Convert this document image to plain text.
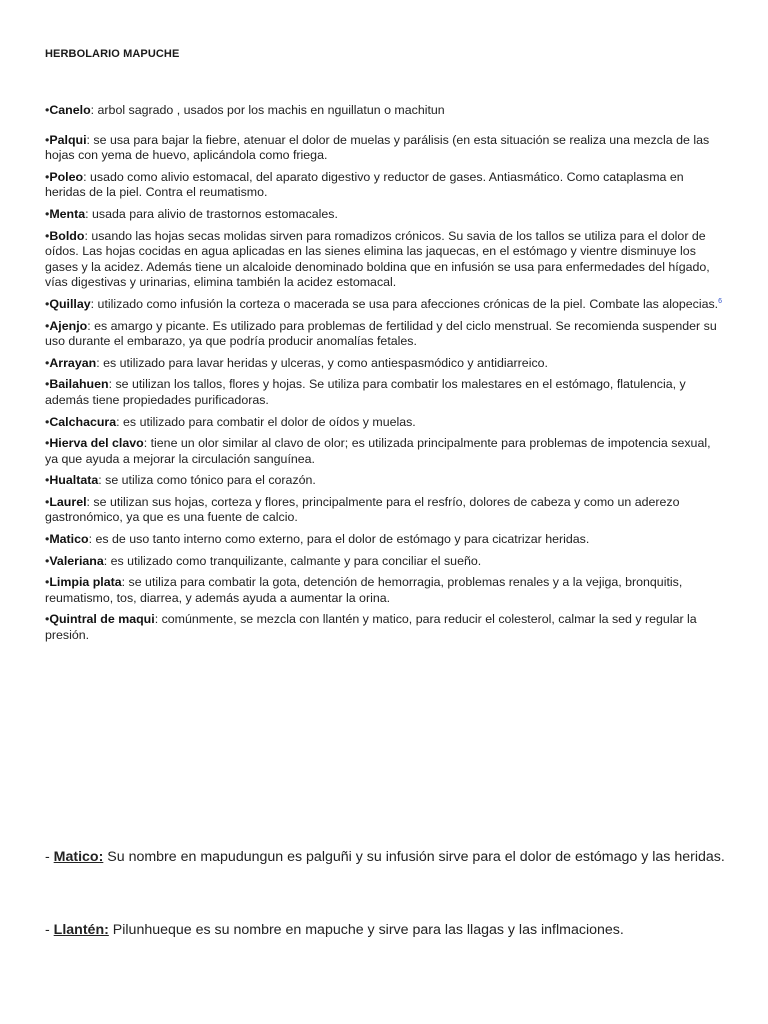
HERBOLARIO MAPUCHE

•Canelo: arbol sagrado , usados por los machis en nguillatun o machitun

•Palqui: se usa para bajar la fiebre, atenuar el dolor de muelas y parálisis (en esta situación se realiza una mezcla de las hojas con yema de huevo, aplicándola como friega.

•Poleo: usado como alivio estomacal, del aparato digestivo y reductor de gases. Antiasmático. Como cataplasma en heridas de la piel. Contra el reumatismo.

•Menta: usada para alivio de trastornos estomacales.

•Boldo: usando las hojas secas molidas sirven para romadizos crónicos. Su savia de los tallos se utiliza para el dolor de oídos. Las hojas cocidas en agua aplicadas en las sienes elimina las jaquecas, en el estómago y vientre disminuye los gases y la acidez. Además tiene un alcaloide denominado boldina que en infusión se usa para enfermedades del hígado, vías digestivas y urinarias, elimina también la acidez estomacal.

•Quillay: utilizado como infusión la corteza o macerada se usa para afecciones crónicas de la piel. Combate las alopecias.$^6$

•Ajenjo: es amargo y picante. Es utilizado para problemas de fertilidad y del ciclo menstrual. Se recomienda suspender su uso durante el embarazo, ya que podría producir anomalías fetales.

•Arrayan: es utilizado para lavar heridas y ulceras, y como antiespasmódico y antidiarreico.

•Bailahuen: se utilizan los tallos, flores y hojas. Se utiliza para combatir los malestares en el estómago, flatulencia, y además tiene propiedades purificadoras.

•Calchacura: es utilizado para combatir el dolor de oídos y muelas.

•Hierva del clavo: tiene un olor similar al clavo de olor; es utilizada principalmente para problemas de impotencia sexual, ya que ayuda a mejorar la circulación sanguínea.

•Hualtata: se utiliza como tónico para el corazón.

•Laurel: se utilizan sus hojas, corteza y flores, principalmente para el resfrío, dolores de cabeza y como un aderezo gastronómico, ya que es una fuente de calcio.

•Matico: es de uso tanto interno como externo, para el dolor de estómago y para cicatrizar heridas.

•Valeriana: es utilizado como tranquilizante, calmante y para conciliar el sueño.

•Limpia plata: se utiliza para combatir la gota, detención de hemorragia, problemas renales y a la vejiga, bronquitis, reumatismo, tos, diarrea, y además ayuda a aumentar la orina.

•Quintral de maqui: comúnmente, se mezcla con llantén y matico, para reducir el colesterol, calmar la sed y regular la presión.

- Matico: Su nombre en mapudungun es palguñi y su infusión sirve para el dolor de estómago y las heridas.
- Llantén: Pilunhueque es su nombre en mapuche y sirve para las llagas y las inflmaciones.
